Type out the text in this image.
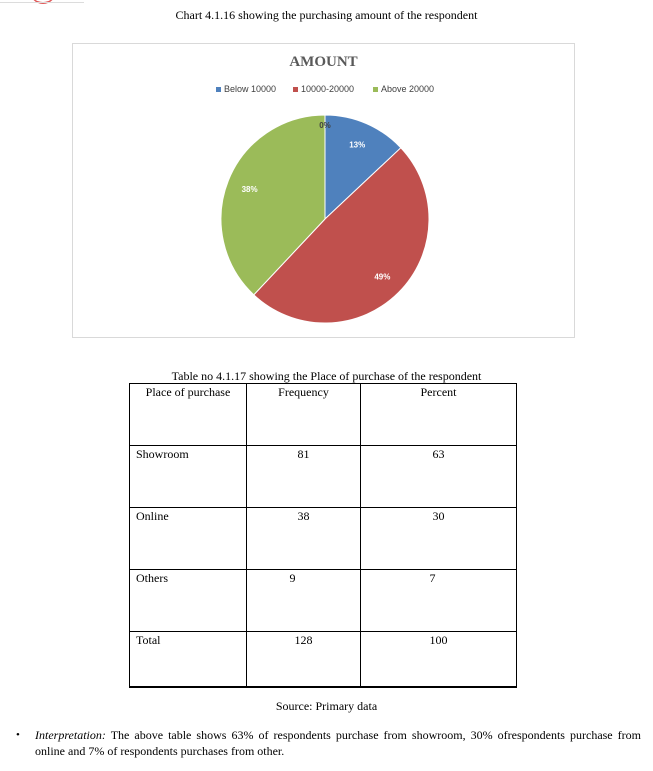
Chart 4.1.16 showing the purchasing amount of the respondent
AMOUNT
Below 10000	10000-20000	Above 20000
13%
49%
38%
0%
Table no 4.1.17 showing the Place of purchase of the respondent
Place of purchase	Frequency	Percent
Showroom	81	63
Online	38	30
Others	9	7
Total	128	100
Source: Primary data
• Interpretation: The above table shows 63% of respondents purchase from showroom, 30% ofrespondents purchase from online and 7% of respondents purchases from other.
